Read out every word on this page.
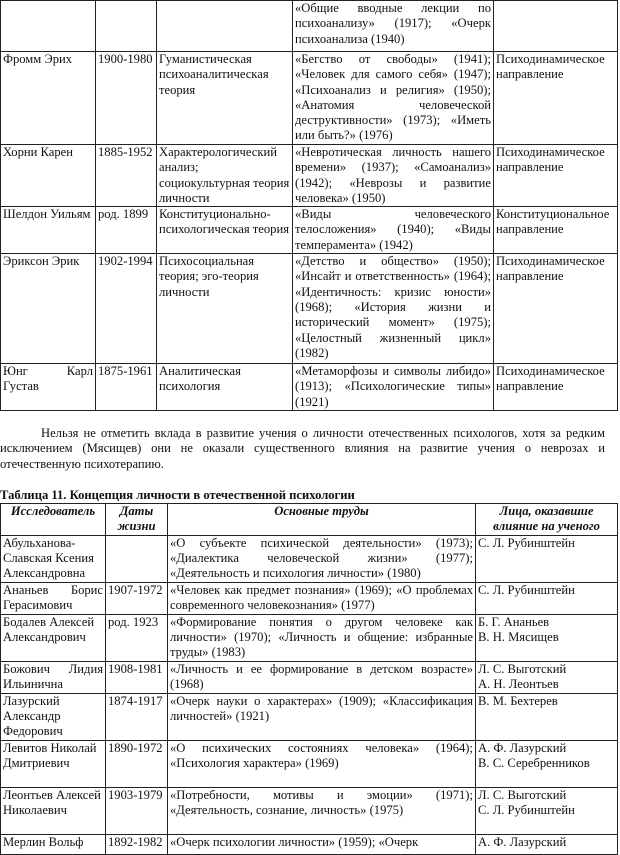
			«Общие вводные лекции по психоанализу» (1917); «Очерк психоанализа (1940)	
Фромм Эрих	1900-1980	Гуманистическая психоаналитическая теория	«Бегство от свободы» (1941); «Человек для самого себя» (1947); «Психоанализ и религия» (1950); «Анатомия человеческой деструктивности» (1973); «Иметь или быть?» (1976)	Психодинамическое направление
Хорни Карен	1885-1952	Характерологический анализ; социокультурная теория личности	«Невротическая личность нашего времени» (1937); «Самоанализ» (1942); «Неврозы и развитие человека» (1950)	Психодинамическое направление
Шелдон Уильям	род. 1899	Конституционально-психологическая теория	«Виды человеческого телосложения» (1940); «Виды темперамента» (1942)	Конституциональное направление
Эриксон Эрик	1902-1994	Психосоциальная теория; эго-теория личности	«Детство и общество» (1950); «Инсайт и ответственность» (1964); «Идентичность: кризис юности» (1968); «История жизни и исторический момент» (1975); «Целостный жизненный цикл» (1982)	Психодинамическое направление
Юнг Карл Густав	1875-1961	Аналитическая психология	«Метаморфозы и символы либидо» (1913); «Психологические типы» (1921)	Психодинамическое направление

Нельзя не отметить вклада в развитие учения о личности отечественных психологов, хотя за редким исключением (Мясищев) они не оказали существенного влияния на развитие учения о неврозах и отечественную психотерапию.

Таблица 11. Концепция личности в отечественной психологии

Исследователь	Даты жизни	Основные труды	Лица, оказавшие влияние на ученого
Абульханова-Славская Ксения Александровна		«О субъекте психической деятельности» (1973); «Диалектика человеческой жизни» (1977); «Деятельность и психология личности» (1980)	С. Л. Рубинштейн

Ананьев Борис Герасимович	1907-1972	«Человек как предмет познания» (1969); «О проблемах современного человекознания» (1977)	С. Л. Рубинштейн

Бодалев Алексей Александрович	род. 1923	«Формирование понятия о другом человеке как личности» (1970); «Личность и общение: избранные труды» (1983)	Б. Г. Ананьев
В. Н. Мясищев

Божович Лидия Ильинична	1908-1981	«Личность и ее формирование в детском возрасте» (1968)	Л. С. Выготский
А. Н. Леонтьев

Лазурский Александр Федорович	1874-1917	«Очерк науки о характерах» (1909); «Классификация личностей» (1921)	В. М. Бехтерев

Левитов Николай Дмитриевич	1890-1972	«О психических состояниях человека» (1964); «Психология характера» (1969)	А. Ф. Лазурский
В. С. Серебренников

Леонтьев Алексей Николаевич	1903-1979	«Потребности, мотивы и эмоции» (1971); «Деятельность, сознание, личность» (1975)	Л. С. Выготский
С. Л. Рубинштейн

Мерлин Вольф	1892-1982	«Очерк психологии личности» (1959); «Очерк	А. Ф. Лазурский
